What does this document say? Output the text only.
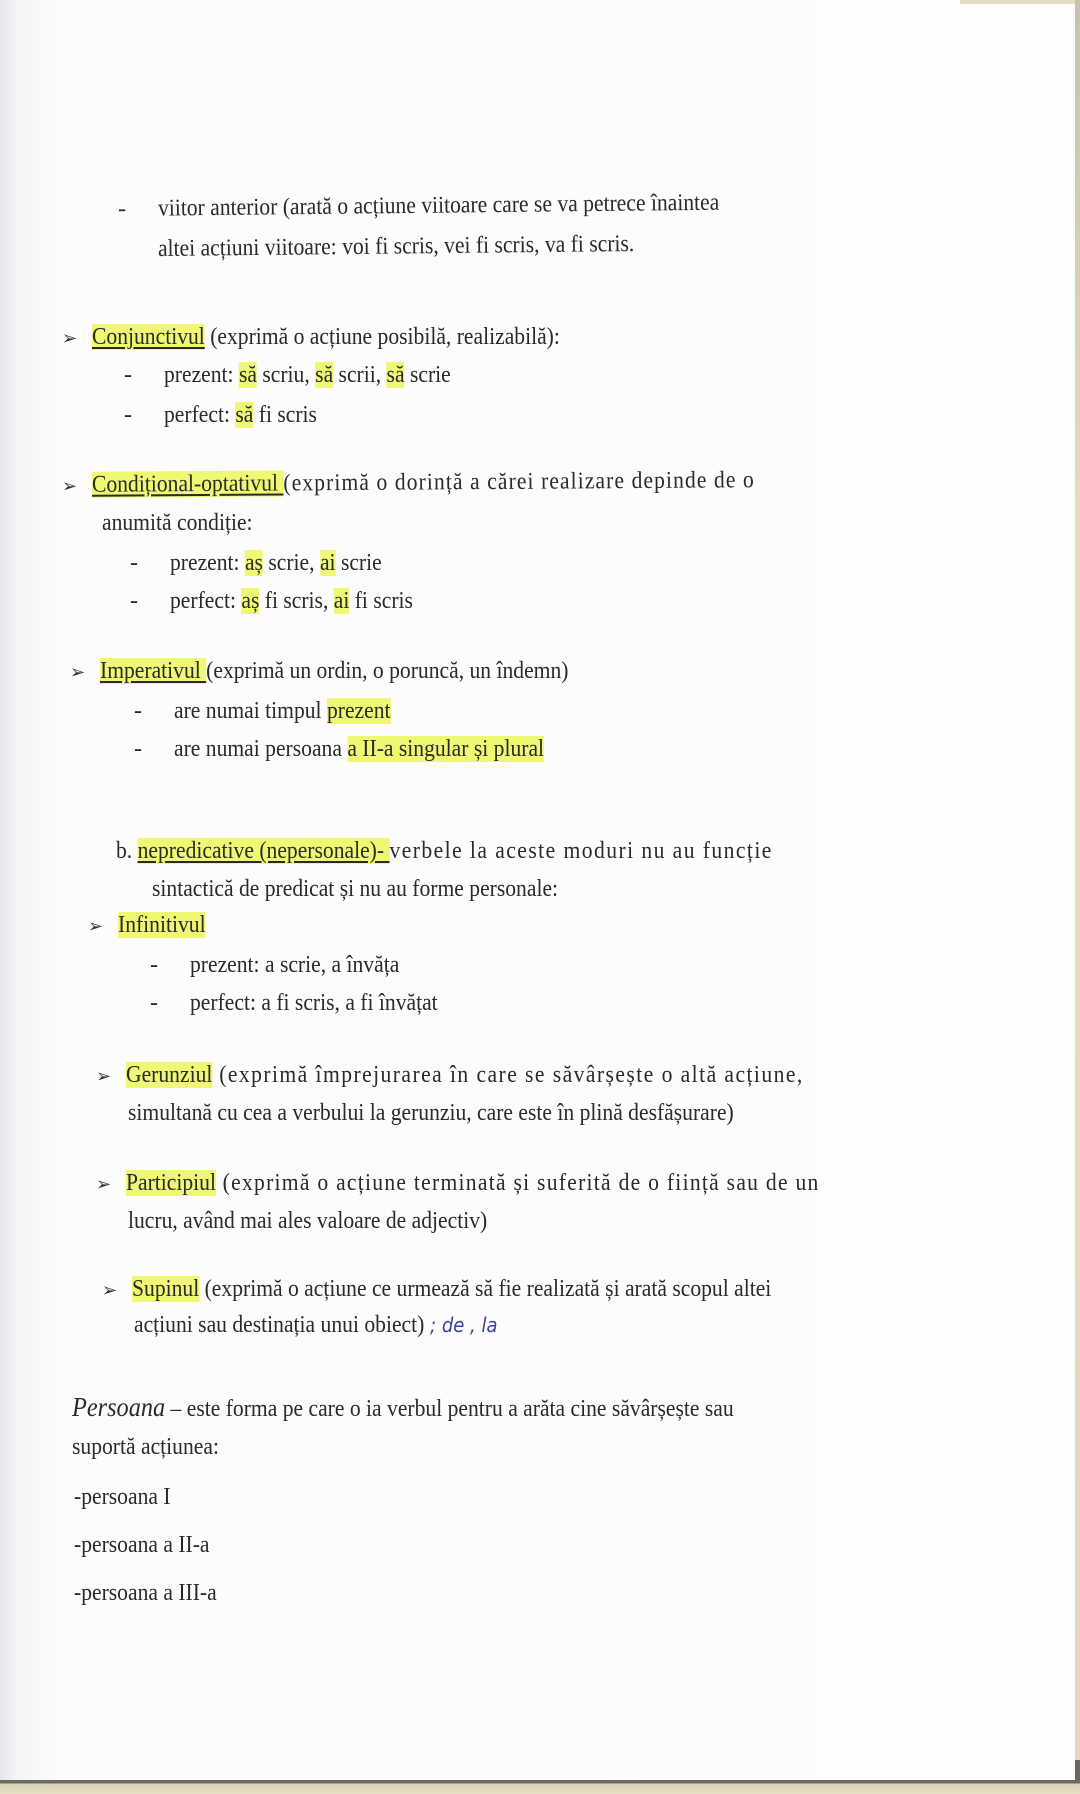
- viitor anterior (arată o acțiune viitoare care se va petrece înaintea
altei acțiuni viitoare: voi fi scris, vei fi scris, va fi scris.
➢ Conjunctivul (exprimă o acțiune posibilă, realizabilă):
- prezent: să scriu, să scrii, să scrie
- perfect: să fi scris
➢ Condițional-optativul (exprimă o dorință a cărei realizare depinde de o
anumită condiție:
- prezent: aș scrie, ai scrie
- perfect: aș fi scris, ai fi scris
➢ Imperativul (exprimă un ordin, o poruncă, un îndemn)
- are numai timpul prezent
- are numai persoana a II-a singular și plural
b. nepredicative (nepersonale)- verbele la aceste moduri nu au funcție
sintactică de predicat și nu au forme personale:
➢ Infinitivul
- prezent: a scrie, a învăța
- perfect: a fi scris, a fi învățat
➢ Gerunziul (exprimă împrejurarea în care se săvârșește o altă acțiune,
simultană cu cea a verbului la gerunziu, care este în plină desfășurare)
➢ Participiul (exprimă o acțiune terminată și suferită de o ființă sau de un
lucru, având mai ales valoare de adjectiv)
➢ Supinul (exprimă o acțiune ce urmează să fie realizată și arată scopul altei
acțiuni sau destinația unui obiect) ; de , la
Persoana – este forma pe care o ia verbul pentru a arăta cine săvârșește sau
suportă acțiunea:
-persoana I
-persoana a II-a
-persoana a III-a
